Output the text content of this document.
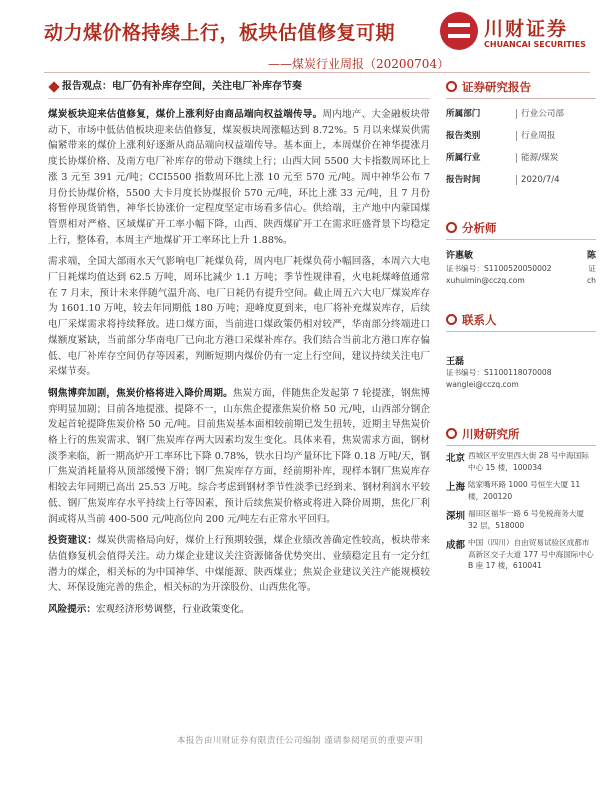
动力煤价格持续上行，板块估值修复可期
——煤炭行业周报（20200704）
川财证券
CHUANCAI SECURITIES
报告观点：电厂仍有补库存空间，关注电厂补库存节奏

煤炭板块迎来估值修复，煤价上涨利好由商品端向权益端传导。周内地产、大金融板块带动下，市场中低估值板块迎来估值修复，煤炭板块周涨幅达到 8.72%。5 月以来煤炭供需偏紧带来的煤价上涨利好逐渐从商品端向权益端传导。基本面上，本周煤价在神华提涨月度长协煤价格、及南方电厂补库存的带动下继续上行；山西大同 5500 大卡指数周环比上涨 3 元至 391 元/吨；CCI5500 指数周环比上涨 10 元至 570 元/吨。周中神华公布 7 月份长协煤价格，5500 大卡月度长协煤报价 570 元/吨，环比上涨 33 元/吨，且 7 月份将暂停现货销售，神华长协涨价一定程度坚定市场看多信心。供给端，主产地中内蒙国煤管票相对严格、区域煤矿开工率小幅下降，山西、陕西煤矿开工在需求旺盛背景下均稳定上行，整体看，本周主产地煤矿开工率环比上升 1.88%。

需求端，全国大部雨水天气影响电厂耗煤负荷，周内电厂耗煤负荷小幅回落，本周六大电厂日耗煤均值达到 62.5 万吨，周环比减少 1.1 万吨；季节性规律看，火电耗煤峰值通常在 7 月末，预计未来伴随气温升高、电厂日耗仍有提升空间。截止周五六大电厂煤炭库存为 1601.10 万吨，较去年同期低 180 万吨；迎峰度夏到来，电厂将补充煤炭库存，后续电厂采煤需求将持续释放。进口煤方面，当前进口煤政策仍相对较严，华南部分终端进口煤额度紧缺，当前部分华南电厂已向北方港口采煤补库存。我们结合当前北方港口库存偏低、电厂补库存空间仍存等因素，判断短期内煤价仍有一定上行空间，建议持续关注电厂采煤节奏。

钢焦博弈加剧，焦炭价格将进入降价周期。焦炭方面，伴随焦企发起第 7 轮提涨，钢焦博弈明显加剧；目前各地提涨、提降不一，山东焦企提涨焦炭价格 50 元/吨，山西部分钢企发起首轮提降焦炭价格 50 元/吨。目前焦炭基本面相较前期已发生扭转，近期主导焦炭价格上行的焦炭需求、钢厂焦炭库存两大因素均发生变化。具体来看，焦炭需求方面，钢材淡季来临，新一期高炉开工率环比下降 0.78%，铁水日均产量环比下降 0.18 万吨/天，钢厂焦炭消耗量将从顶部缓慢下滑；钢厂焦炭库存方面，经前期补库，现样本钢厂焦炭库存相较去年同期已高出 25.53 万吨。综合考虑到钢材季节性淡季已经到来、钢材利润水平较低、钢厂焦炭库存水平持续上行等因素，预计后续焦炭价格或将进入降价周期，焦化厂利润或将从当前 400-500 元/吨高位向 200 元/吨左右正常水平回归。

投资建议：煤炭供需格局向好，煤价上行预期较强，煤企业绩改善确定性较高，板块带来估值修复机会值得关注。动力煤企业建议关注资源储备优势突出、业绩稳定且有一定分红潜力的煤企，相关标的为中国神华、中煤能源、陕西煤业；焦炭企业建议关注产能规模较大、环保设施完善的焦企，相关标的为开滦股份、山西焦化等。

风险提示：宏观经济形势调整，行业政策变化。

证券研究报告
所属部门	行业公司部
报告类别	行业周报
所属行业	能源/煤炭
报告时间	2020/7/4
分析师
许惠敏	陈
证书编号：S1100520050002	证
xuhuimin@cczq.com	ch
联系人
王磊
证书编号：S1100118070008
wanglei@cczq.com
川财研究所
北京 西城区平安里西大街 28 号中海国际中心 15 楼，100034
上海 陆家嘴环路 1000 号恒生大厦 11 楼，200120
深圳 福田区福华一路 6 号免税商务大厦 32 层，518000
成都 中国（四川）自由贸易试验区成都市高新区交子大道 177 号中海国际中心 B 座 17 楼，610041
本报告由川财证券有限责任公司编制 谨请参阅尾页的重要声明
